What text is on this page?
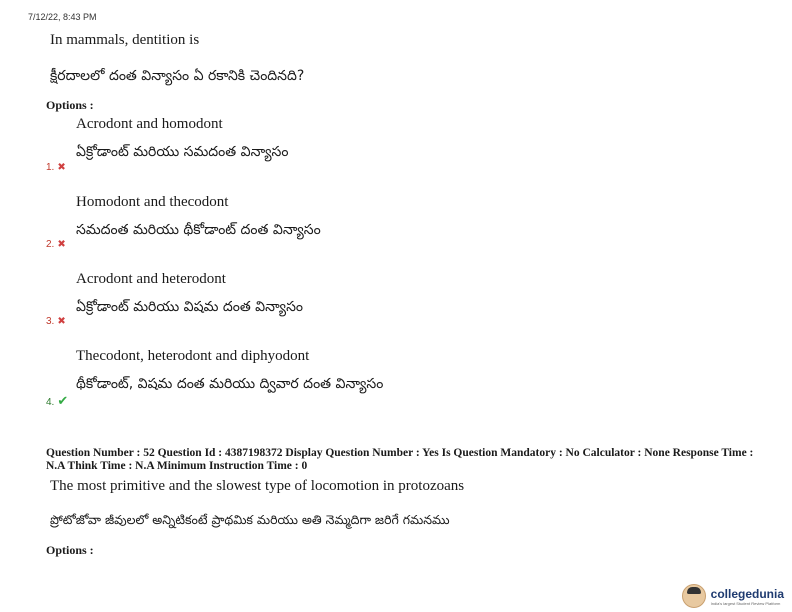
7/12/22, 8:43 PM
In mammals, dentition is
క్షీరదాలలో దంత విన్యాసం ఏ రకానికి చెందినది?
Options :
Acrodont and homodont
ఏక్రోడాంట్ మరియు సమదంత విన్యాసం
1. ✖
Homodont and thecodont
సమదంత మరియు థీకోడాంట్ దంత విన్యాసం
2. ✖
Acrodont and heterodont
ఏక్రోడాంట్ మరియు విషమ దంత విన్యాసం
3. ✖
Thecodont, heterodont and diphyodont
థీకోడాంట్, విషమ దంత మరియు ద్వివార దంత విన్యాసం
4. ✔
Question Number : 52 Question Id : 4387198372 Display Question Number : Yes Is Question Mandatory : No Calculator : None Response Time : N.A Think Time : N.A Minimum Instruction Time : 0
The most primitive and the slowest type of locomotion in protozoans
ప్రోటోజోవా జీవులలో అన్నిటికంటే ప్రాథమిక మరియు అతి నెమ్మదిగా జరిగే గమనము
Options :
collegedunia
India's largest Student Review Platform
